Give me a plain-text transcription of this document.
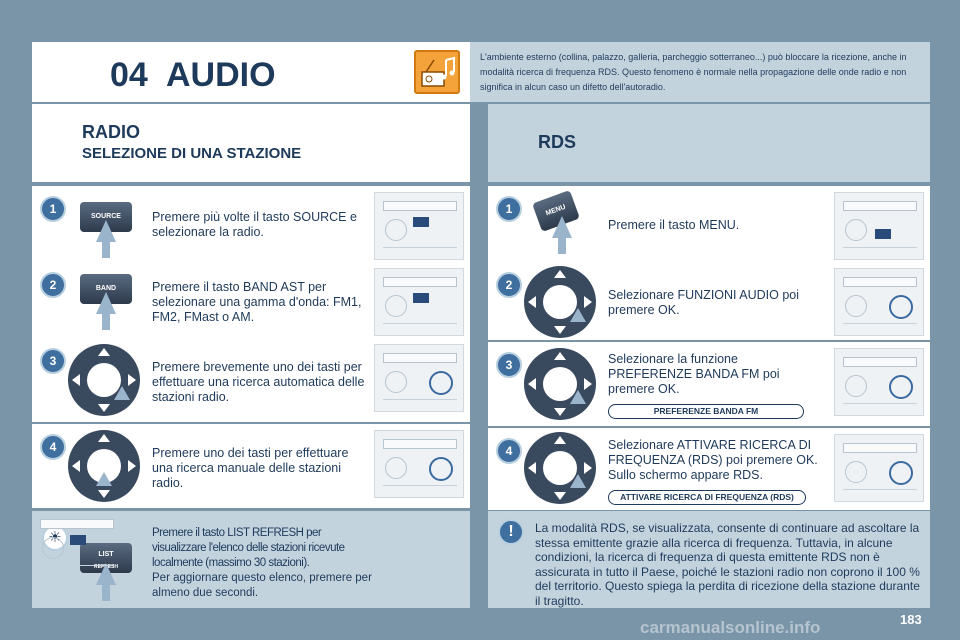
04 AUDIO	L'ambiente esterno (collina, palazzo, galleria, parcheggio sotterraneo...) può bloccare la ricezione, anche in modalità ricerca di frequenza RDS. Questo fenomeno è normale nella propagazione delle onde radio e non significa in alcun caso un difetto dell'autoradio.
RADIO
SELEZIONE DI UNA STAZIONE
RDS
1
SOURCE	Premere più volte il tasto SOURCE e selezionare la radio.
2	BAND	Premere il tasto BAND AST per selezionare una gamma d'onda: FM1, FM2, FMast o AM.
3	Premere brevemente uno dei tasti per effettuare una ricerca automatica delle stazioni radio.
4	Premere uno dei tasti per effettuare una ricerca manuale delle stazioni radio.
☀
LIST
REFRESH
Premere il tasto LIST REFRESH per visualizzare l'elenco delle stazioni ricevute localmente (massimo 30 stazioni).
Per aggiornare questo elenco, premere per almeno due secondi.
1	MENU
Premere il tasto MENU.
2
Selezionare FUNZIONI AUDIO poi premere OK.
3	Selezionare la funzione PREFERENZE BANDA FM poi premere OK.
PREFERENZE BANDA FM
4	Selezionare ATTIVARE RICERCA DI FREQUENZA (RDS) poi premere OK. Sullo schermo appare RDS.
ATTIVARE RICERCA DI FREQUENZA (RDS)
!	La modalità RDS, se visualizzata, consente di continuare ad ascoltare la stessa emittente grazie alla ricerca di frequenza. Tuttavia, in alcune condizioni, la ricerca di frequenza di questa emittente RDS non è assicurata in tutto il Paese, poiché le stazioni radio non coprono il 100 % del territorio. Questo spiega la perdita di ricezione della stazione durante il tragitto.
carmanualsonline.info	183
